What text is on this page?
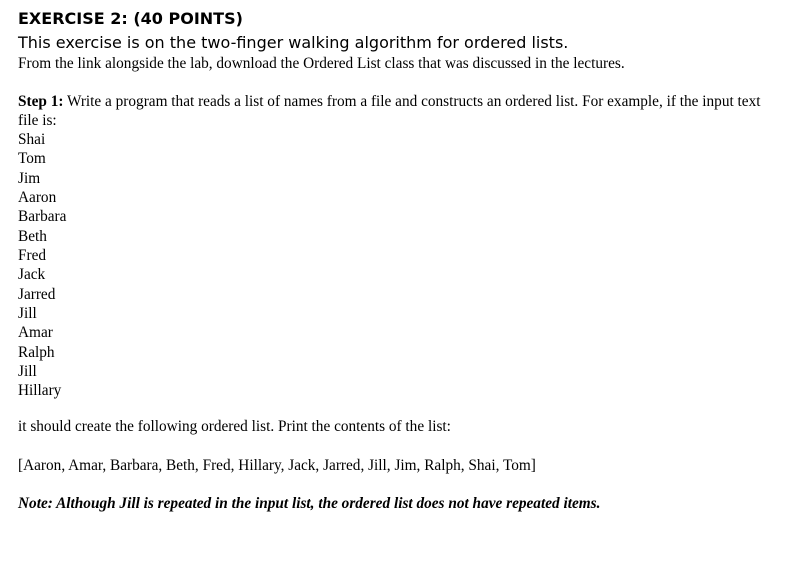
EXERCISE 2: (40 POINTS)
This exercise is on the two-finger walking algorithm for ordered lists.
From the link alongside the lab, download the Ordered List class that was discussed in the lectures.
Step 1: Write a program that reads a list of names from a file and constructs an ordered list. For example, if the input text file is:
Shai
Tom
Jim
Aaron
Barbara
Beth
Fred
Jack
Jarred
Jill
Amar
Ralph
Jill
Hillary
it should create the following ordered list. Print the contents of the list:
[Aaron, Amar, Barbara, Beth, Fred, Hillary, Jack, Jarred, Jill, Jim, Ralph, Shai, Tom]
Note: Although Jill is repeated in the input list, the ordered list does not have repeated items.
